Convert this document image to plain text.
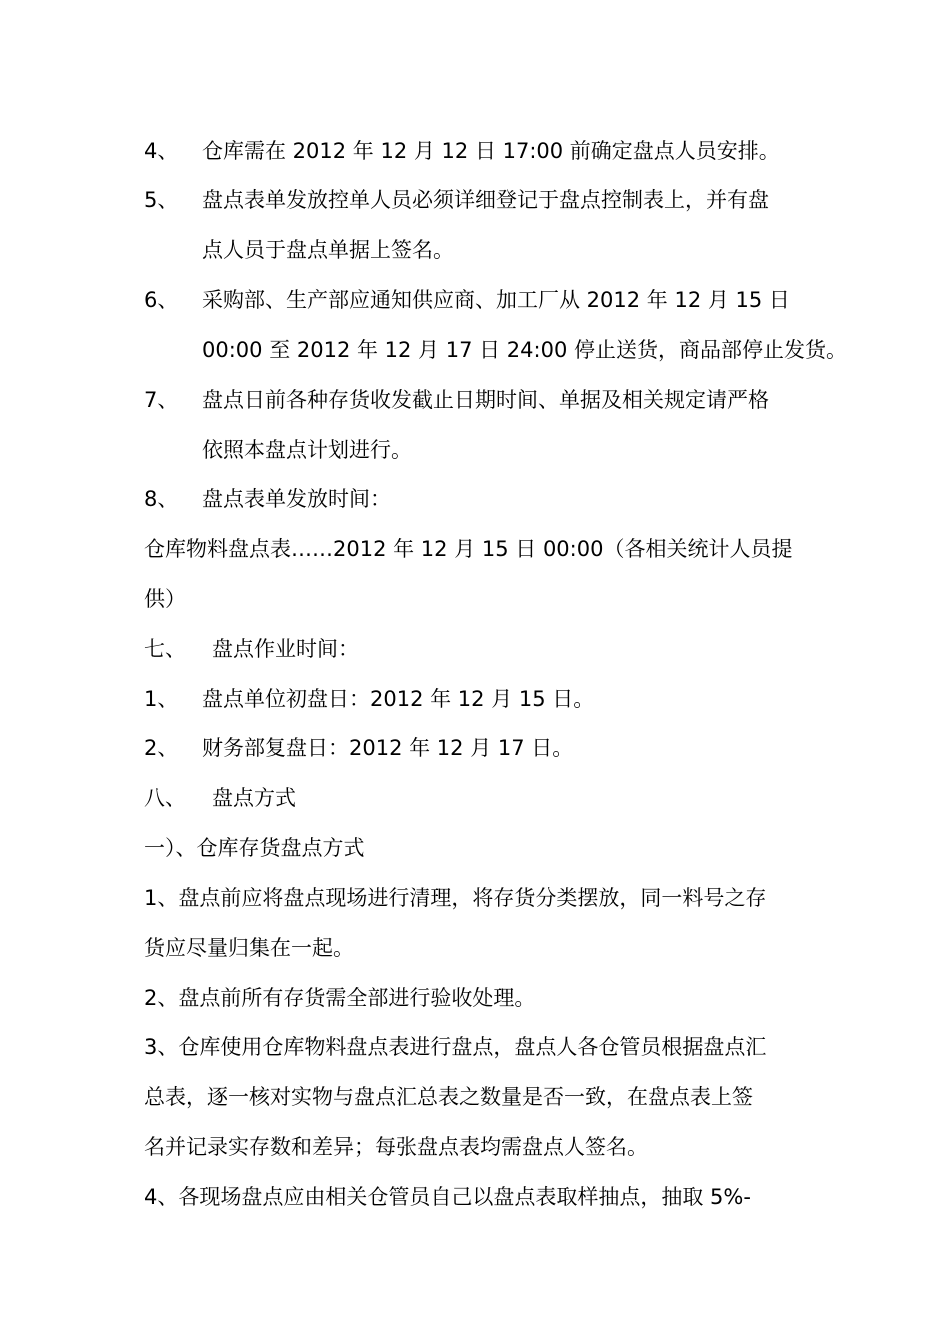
4、 仓库需在 2012 年 12 月 12 日 17:00 前确定盘点人员安排。
5、 盘点表单发放控单人员必须详细登记于盘点控制表上，并有盘
点人员于盘点单据上签名。
6、 采购部、生产部应通知供应商、加工厂从 2012 年 12 月 15 日
00:00 至 2012 年 12 月 17 日 24:00 停止送货，商品部停止发货。
7、 盘点日前各种存货收发截止日期时间、单据及相关规定请严格
依照本盘点计划进行。
8、 盘点表单发放时间：
仓库物料盘点表……2012 年 12 月 15 日 00:00（各相关统计人员提
供）
七、 盘点作业时间：
1、 盘点单位初盘日：2012 年 12 月 15 日。
2、 财务部复盘日：2012 年 12 月 17 日。
八、 盘点方式
一）、仓库存货盘点方式
1、盘点前应将盘点现场进行清理，将存货分类摆放，同一料号之存
货应尽量归集在一起。
2、盘点前所有存货需全部进行验收处理。
3、仓库使用仓库物料盘点表进行盘点，盘点人各仓管员根据盘点汇
总表，逐一核对实物与盘点汇总表之数量是否一致，在盘点表上签
名并记录实存数和差异；每张盘点表均需盘点人签名。
4、各现场盘点应由相关仓管员自己以盘点表取样抽点，抽取 5%-
